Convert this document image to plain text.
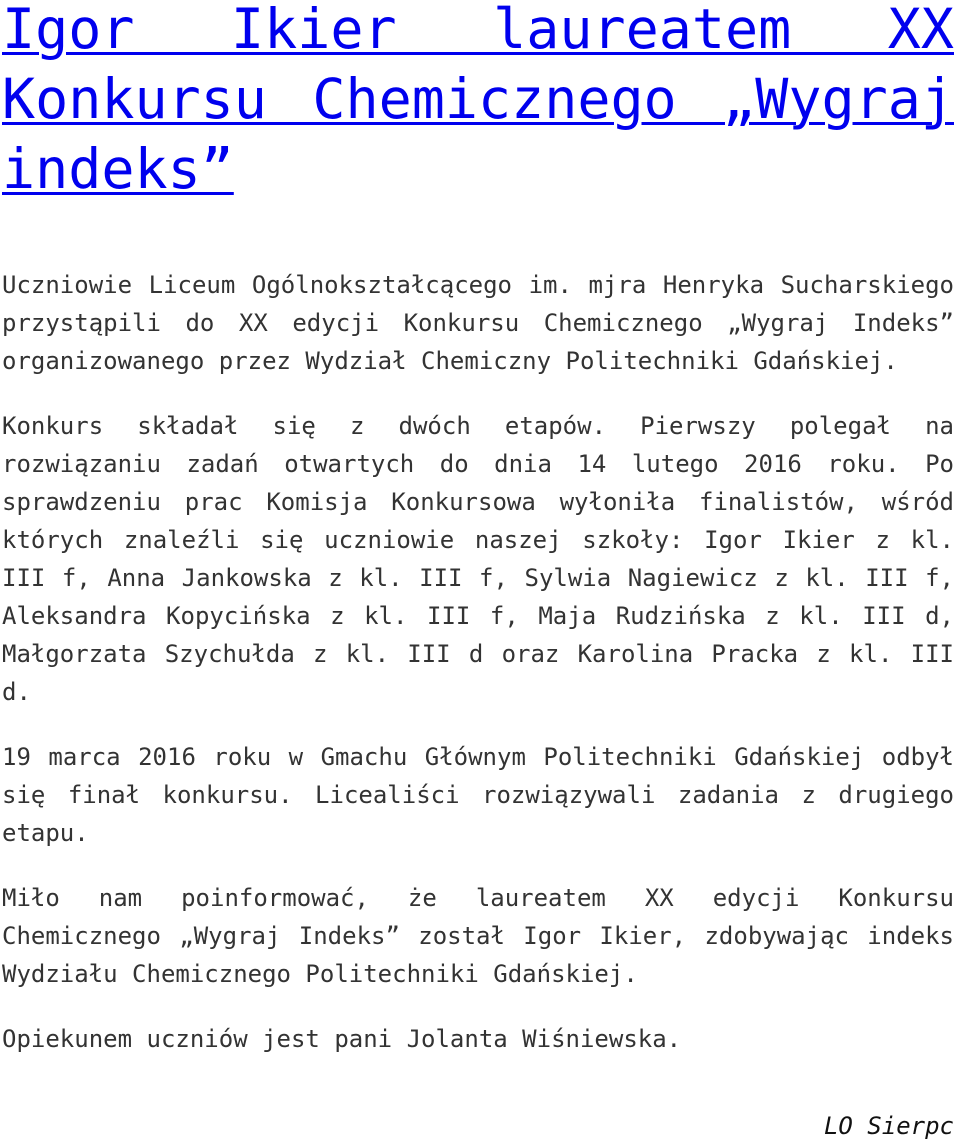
Igor Ikier laureatem XX Konkursu Chemicznego „Wygraj indeks”

Uczniowie Liceum Ogólnokształcącego im. mjra Henryka Sucharskiego przystąpili do XX edycji Konkursu Chemicznego „Wygraj Indeks” organizowanego przez Wydział Chemiczny Politechniki Gdańskiej.

Konkurs składał się z dwóch etapów. Pierwszy polegał na rozwiązaniu zadań otwartych do dnia 14 lutego 2016 roku. Po sprawdzeniu prac Komisja Konkursowa wyłoniła finalistów, wśród których znaleźli się uczniowie naszej szkoły: Igor Ikier z kl. III f, Anna Jankowska z kl. III f, Sylwia Nagiewicz z kl. III f, Aleksandra Kopycińska z kl. III f, Maja Rudzińska z kl. III d, Małgorzata Szychułda z kl. III d oraz Karolina Pracka z kl. III d.

19 marca 2016 roku w Gmachu Głównym Politechniki Gdańskiej odbył się finał konkursu. Licealiści rozwiązywali zadania z drugiego etapu.

Miło nam poinformować, że laureatem XX edycji Konkursu Chemicznego „Wygraj Indeks” został Igor Ikier, zdobywając indeks Wydziału Chemicznego Politechniki Gdańskiej.

Opiekunem uczniów jest pani Jolanta Wiśniewska.

LO Sierpc
